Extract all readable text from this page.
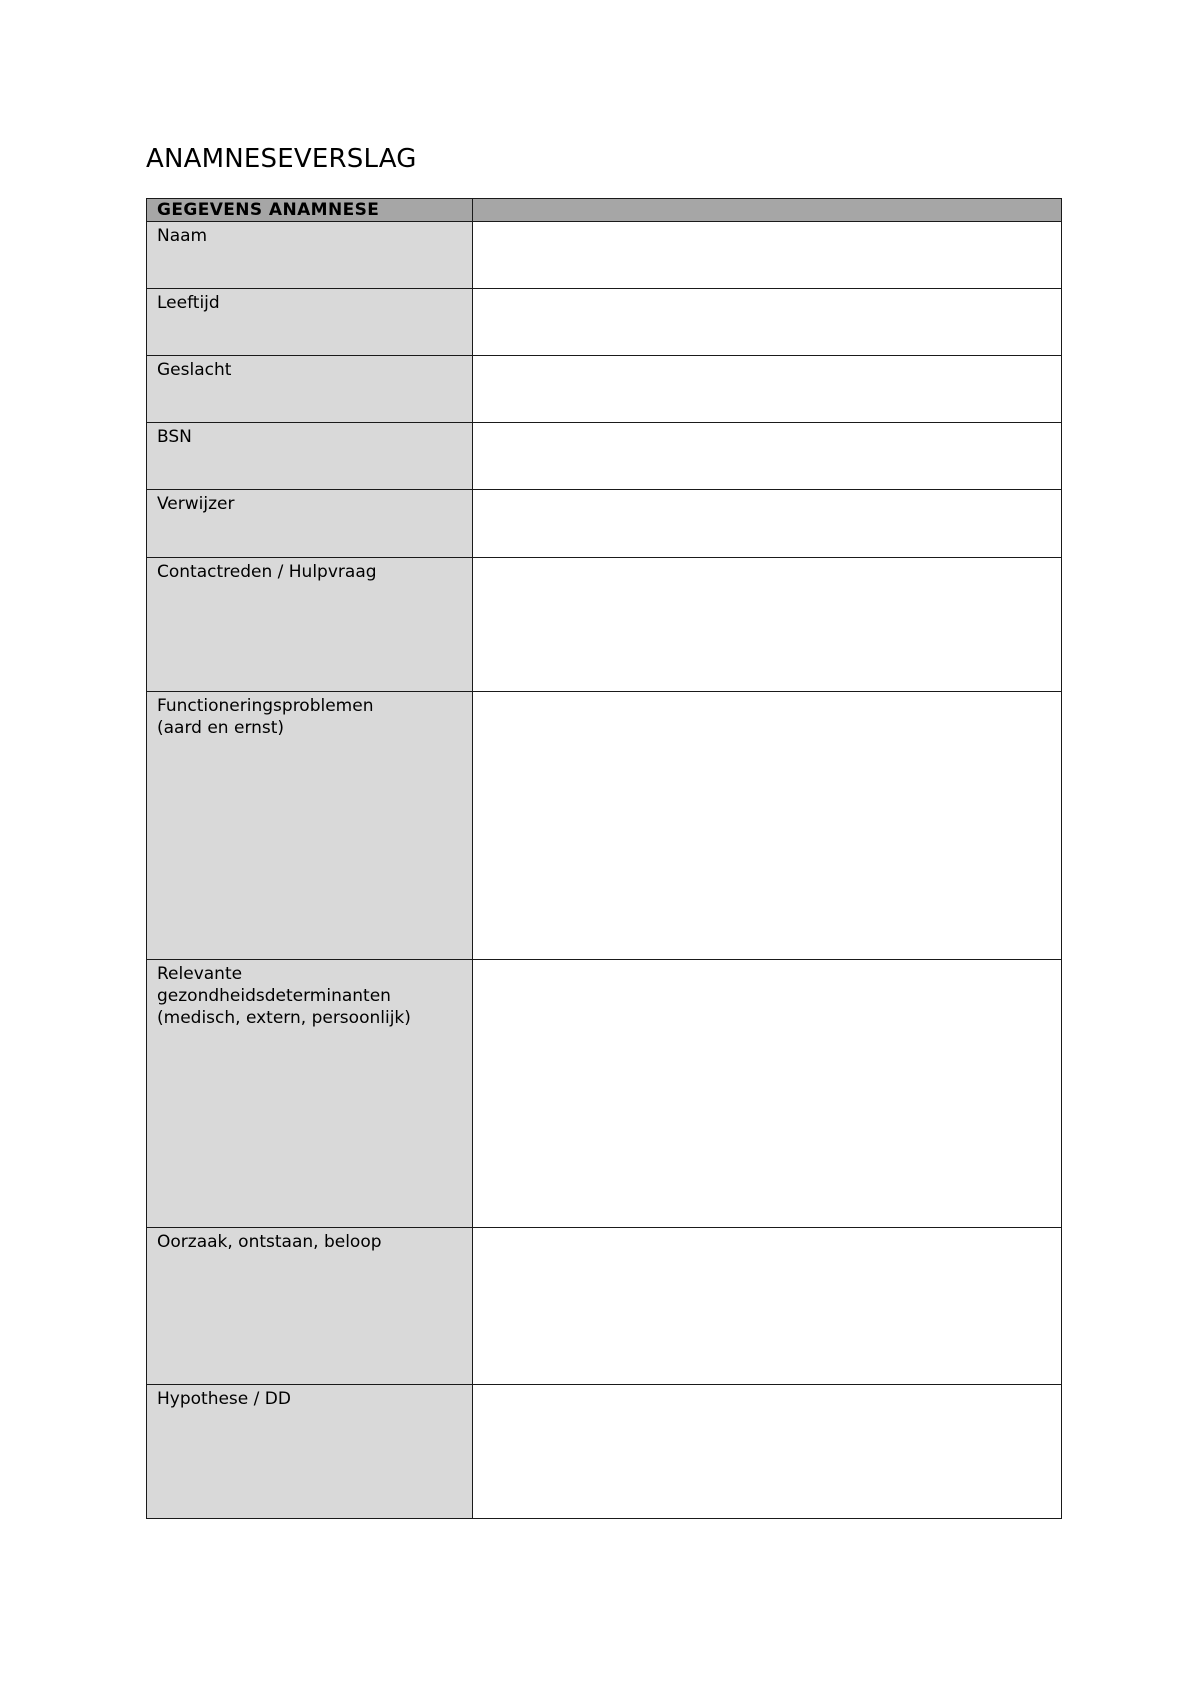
ANAMNESEVERSLAG
GEGEVENS ANAMNESE	

Naam	

Leeftijd	

Geslacht	

BSN	

Verwijzer	

Contactreden / Hulpvraag	

Functioneringsproblemen
(aard en ernst)	

Relevante
gezondheidsdeterminanten
(medisch, extern, persoonlijk)	

Oorzaak, ontstaan, beloop	

Hypothese / DD	
